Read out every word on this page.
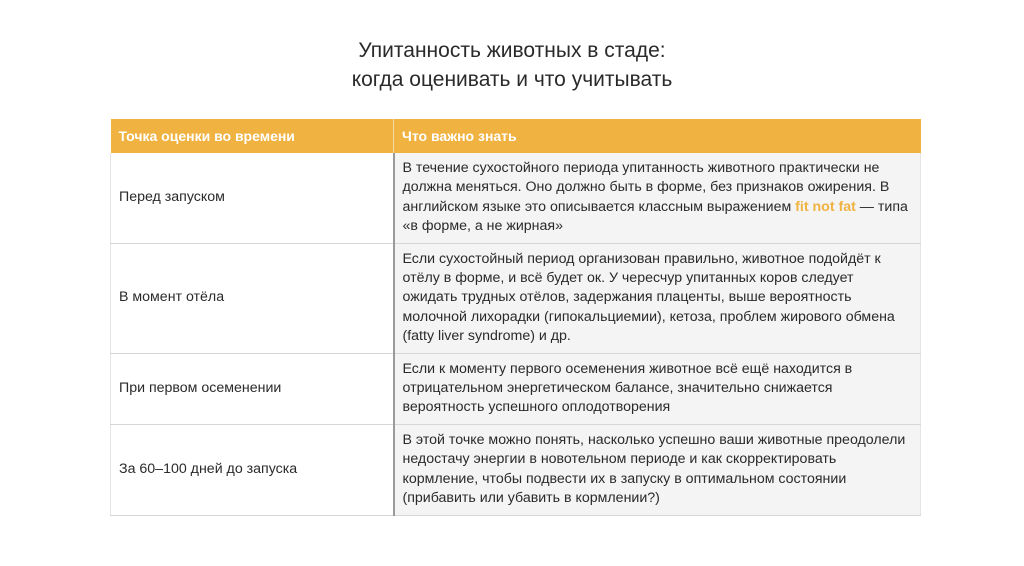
Упитанность животных в стаде:
когда оценивать и что учитывать
Точка оценки во времени	Что важно знать
Перед запуском	В течение сухостойного периода упитанность животного практически не должна меняться. Оно должно быть в форме, без признаков ожирения. В английском языке это описывается классным выражением fit not fat — типа «в форме, а не жирная»
В момент отёла	Если сухостойный период организован правильно, животное подойдёт к отёлу в форме, и всё будет ок. У чересчур упитанных коров следует ожидать трудных отёлов, задержания плаценты, выше вероятность молочной лихорадки (гипокальциемии), кетоза, проблем жирового обмена (fatty liver syndrome) и др.
При первом осеменении	Если к моменту первого осеменения животное всё ещё находится в отрицательном энергетическом балансе, значительно снижается вероятность успешного оплодотворения
За 60–100 дней до запуска	В этой точке можно понять, насколько успешно ваши животные преодолели недостачу энергии в новотельном периоде и как скорректировать кормление, чтобы подвести их в запуску в оптимальном состоянии (прибавить или убавить в кормлении?)
